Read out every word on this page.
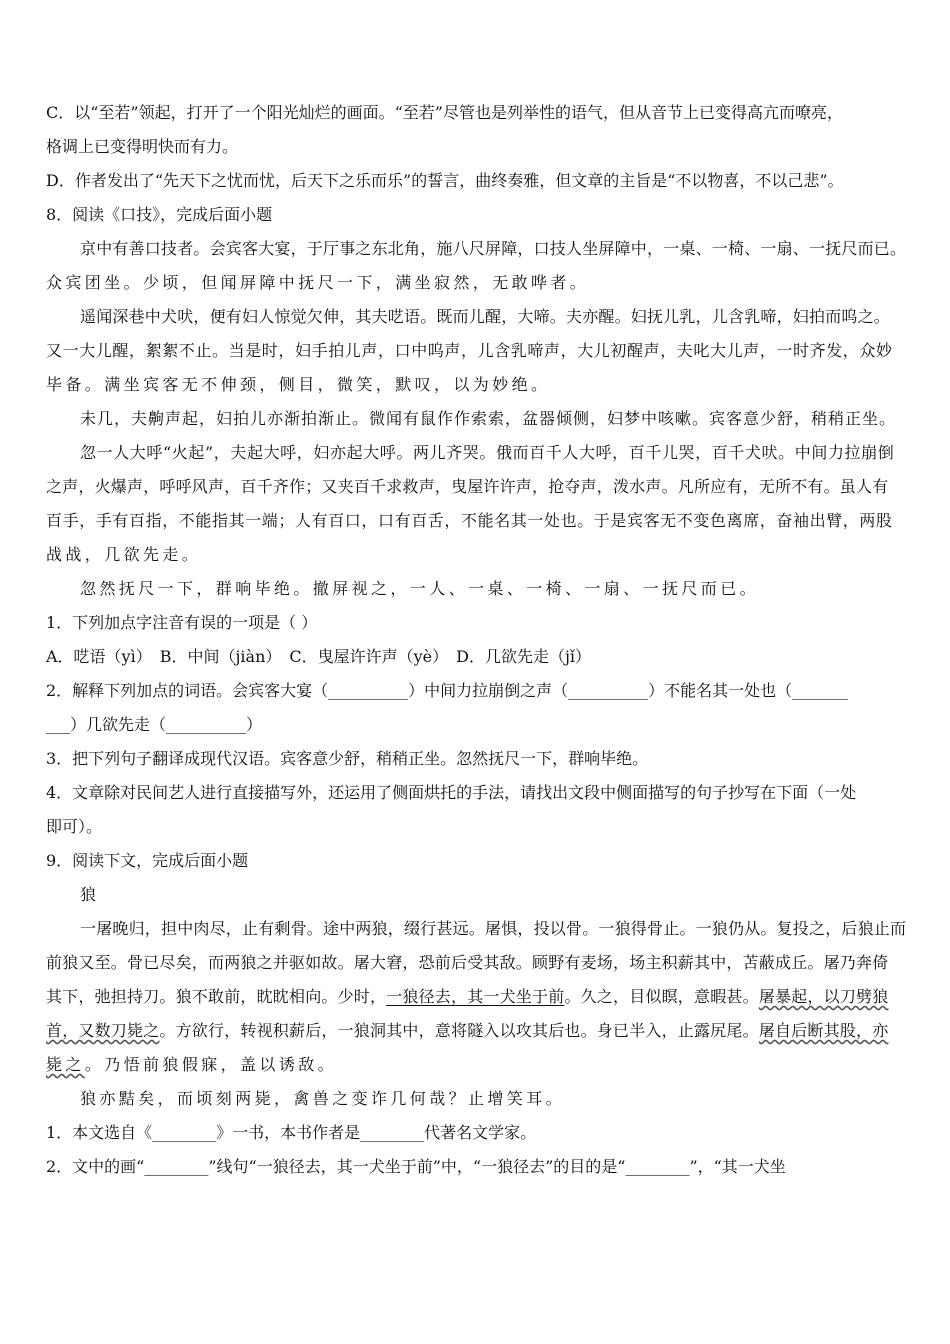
C．以“至若”领起，打开了一个阳光灿烂的画面。“至若”尽管也是列举性的语气，但从音节上已变得高亢而嘹亮，

格调上已变得明快而有力。

D．作者发出了“先天下之忧而忧，后天下之乐而乐”的誓言，曲终奏雅，但文章的主旨是“不以物喜，不以己悲”。

8．阅读《口技》，完成后面小题

京中有善口技者。会宾客大宴，于厅事之东北角，施八尺屏障，口技人坐屏障中，一桌、一椅、一扇、一抚尺而已。

众宾团坐。少顷，但闻屏障中抚尺一下，满坐寂然，无敢哗者。

遥闻深巷中犬吠，便有妇人惊觉欠伸，其夫呓语。既而儿醒，大啼。夫亦醒。妇抚儿乳，儿含乳啼，妇拍而呜之。

又一大儿醒，絮絮不止。当是时，妇手拍儿声，口中呜声，儿含乳啼声，大儿初醒声，夫叱大儿声，一时齐发，众妙

毕备。满坐宾客无不伸颈，侧目，微笑，默叹，以为妙绝。

未几，夫齁声起，妇拍儿亦渐拍渐止。微闻有鼠作作索索，盆器倾侧，妇梦中咳嗽。宾客意少舒，稍稍正坐。

忽一人大呼“火起”，夫起大呼，妇亦起大呼。两儿齐哭。俄而百千人大呼，百千儿哭，百千犬吠。中间力拉崩倒

之声，火爆声，呼呼风声，百千齐作；又夹百千求救声，曳屋许许声，抢夺声，泼水声。凡所应有，无所不有。虽人有

百手，手有百指，不能指其一端；人有百口，口有百舌，不能名其一处也。于是宾客无不变色离席，奋袖出臂，两股

战战，几欲先走。

忽然抚尺一下，群响毕绝。撤屏视之，一人、一桌、一椅、一扇、一抚尺而已。

1．下列加点字注音有误的一项是（ ）

A．呓语（yì）　B．中间（jiàn）　C．曳屋许许声（yè）　D．几欲先走（jǐ）

2．解释下列加点的词语。会宾客大宴（__________）中间力拉崩倒之声（__________）不能名其一处也（_______

___）几欲先走（__________）

3．把下列句子翻译成现代汉语。宾客意少舒，稍稍正坐。忽然抚尺一下，群响毕绝。

4．文章除对民间艺人进行直接描写外，还运用了侧面烘托的手法，请找出文段中侧面描写的句子抄写在下面（一处

即可）。

9．阅读下文，完成后面小题

狼

一屠晚归，担中肉尽，止有剩骨。途中两狼，缀行甚远。屠惧，投以骨。一狼得骨止。一狼仍从。复投之，后狼止而

前狼又至。骨已尽矣，而两狼之并驱如故。屠大窘，恐前后受其敌。顾野有麦场，场主积薪其中，苫蔽成丘。屠乃奔倚

其下，弛担持刀。狼不敢前，眈眈相向。少时，一狼径去，其一犬坐于前。久之，目似瞑，意暇甚。屠暴起，以刀劈狼

首，又数刀毙之。方欲行，转视积薪后，一狼洞其中，意将隧入以攻其后也。身已半入，止露尻尾。屠自后断其股，亦

毙之。乃悟前狼假寐，盖以诱敌。

狼亦黠矣，而顷刻两毙，禽兽之变诈几何哉？止增笑耳。

1．本文选自《________》一书，本书作者是________代著名文学家。

2．文中的画“________”线句“一狼径去，其一犬坐于前”中，“一狼径去”的目的是“________”，“其一犬坐
